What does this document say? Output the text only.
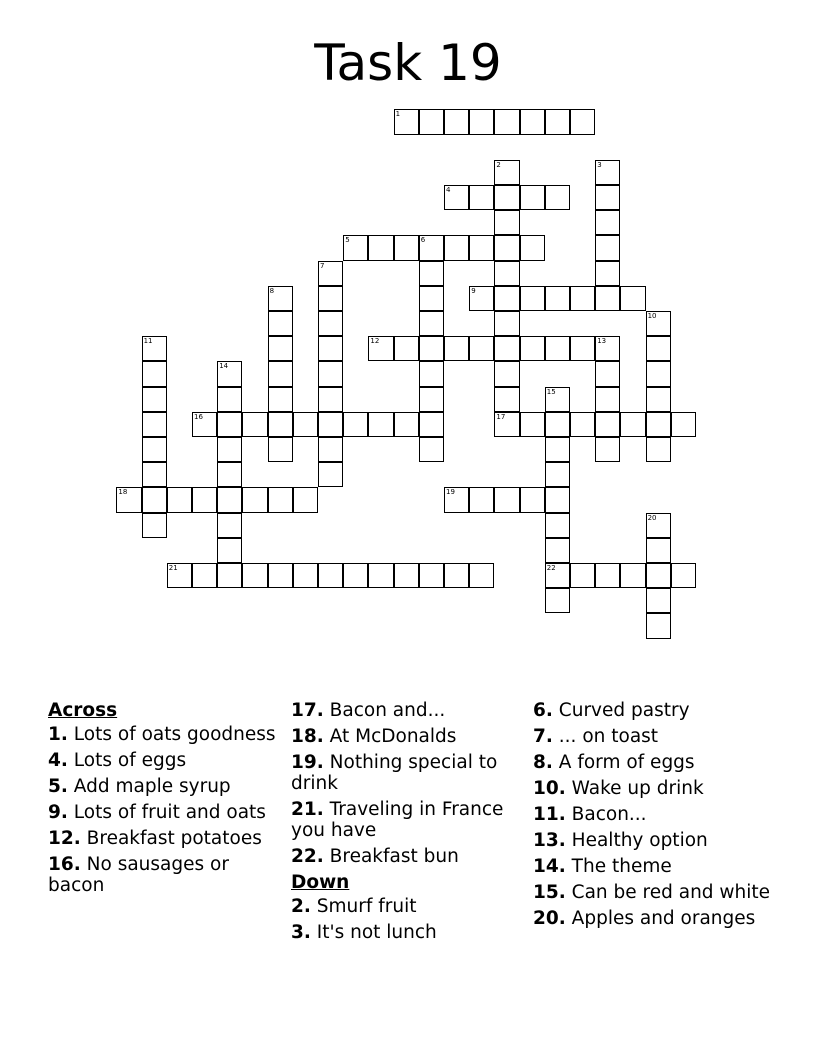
Task 19
1
2
17
3
4
5	6
7
8	9
10
11	12	13
14
15
22
16
18	19
20
21
Across
1. Lots of oats goodness
4. Lots of eggs
5. Add maple syrup
9. Lots of fruit and oats
12. Breakfast potatoes
16. No sausages or bacon
17. Bacon and...
18. At McDonalds
19. Nothing special to drink
21. Traveling in France you have
22. Breakfast bun
Down
2. Smurf fruit
3. It's not lunch
6. Curved pastry
7. ... on toast
8. A form of eggs
10. Wake up drink
11. Bacon...
13. Healthy option
14. The theme
15. Can be red and white
20. Apples and oranges
